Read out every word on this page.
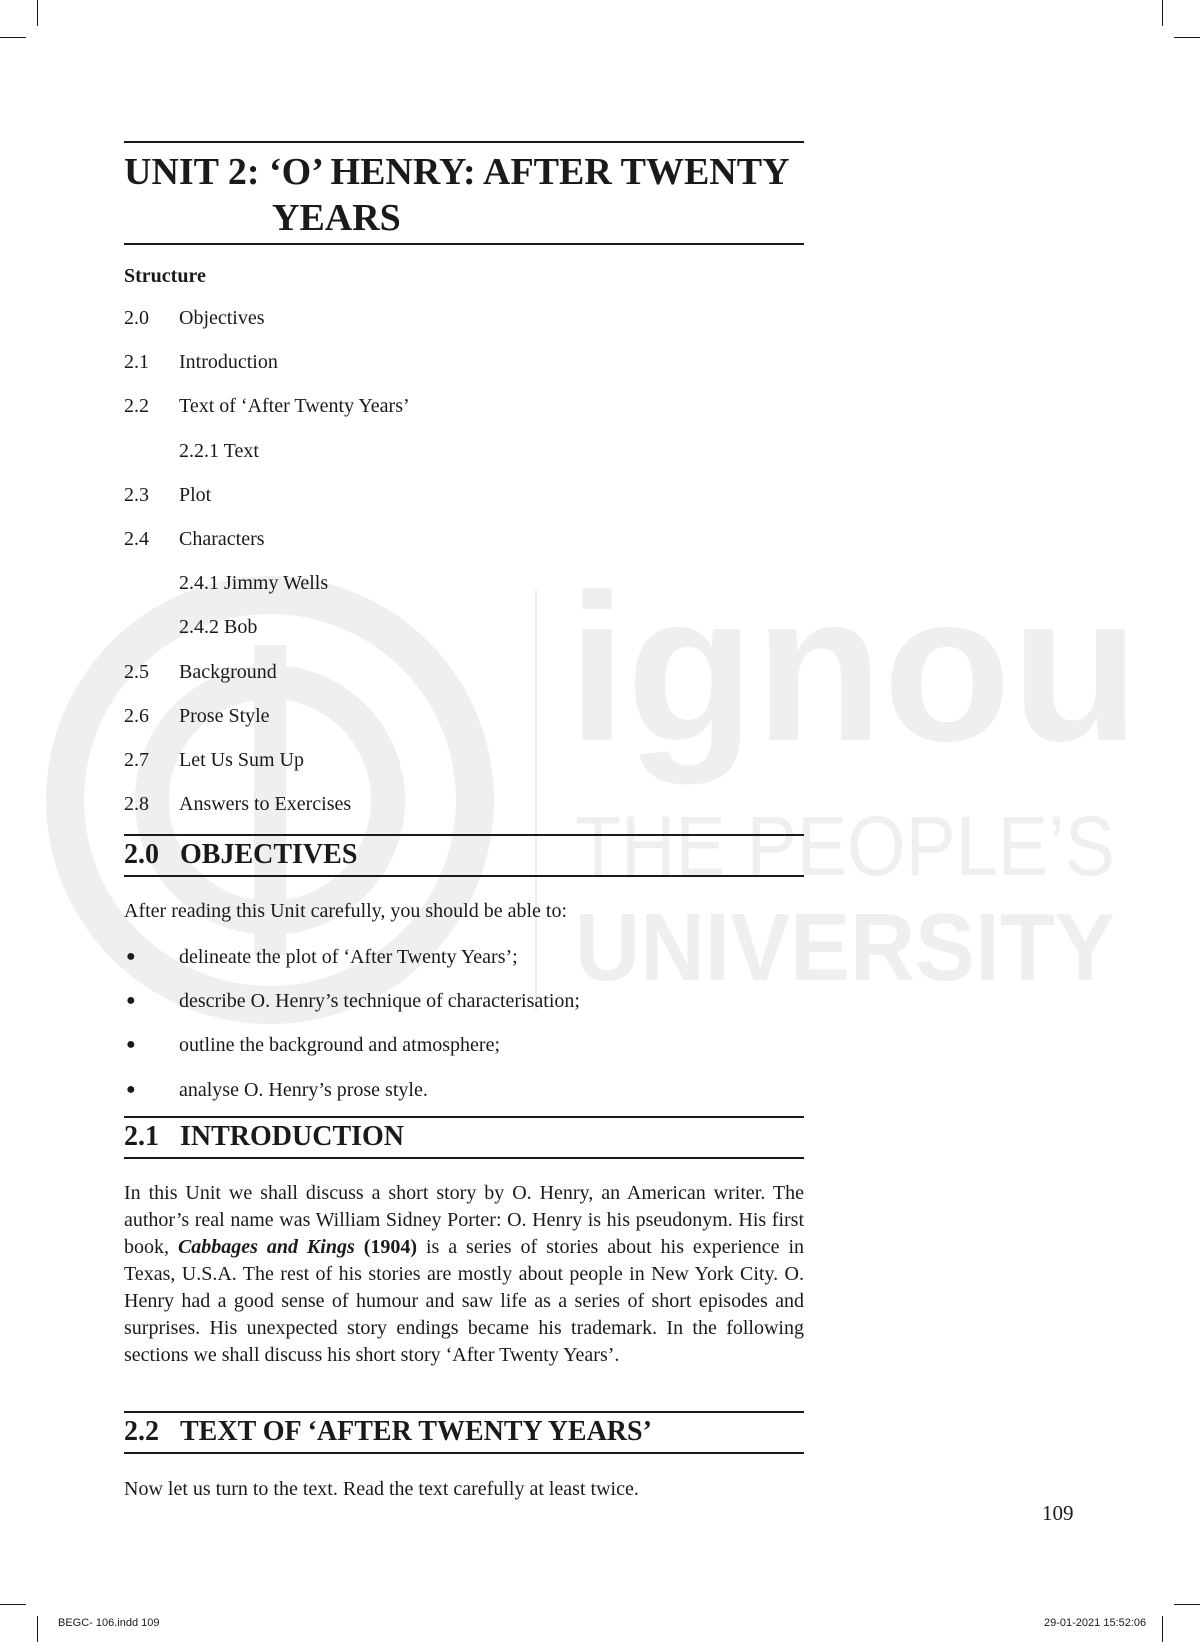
ignou
THE PEOPLE’S
UNIVERSITY
UNIT 2: ‘O’ HENRY: AFTER TWENTY
YEARS
Structure
2.0 Objectives
2.1 Introduction
2.2 Text of ‘After Twenty Years’
2.2.1 Text
2.3 Plot
2.4 Characters
2.4.1 Jimmy Wells
2.4.2 Bob
2.5 Background
2.6 Prose Style
2.7 Let Us Sum Up
2.8 Answers to Exercises
2.0 OBJECTIVES
After reading this Unit carefully, you should be able to:
● delineate the plot of ‘After Twenty Years’;
● describe O. Henry’s technique of characterisation;
● outline the background and atmosphere;
● analyse O. Henry’s prose style.
2.1 INTRODUCTION
In this Unit we shall discuss a short story by O. Henry, an American writer. The author’s real name was William Sidney Porter: O. Henry is his pseudonym. His first book, Cabbages and Kings (1904) is a series of stories about his experience in Texas, U.S.A. The rest of his stories are mostly about people in New York City. O. Henry had a good sense of humour and saw life as a series of short episodes and surprises. His unexpected story endings became his trademark. In the following sections we shall discuss his short story ‘After Twenty Years’.
2.2 TEXT OF ‘AFTER TWENTY YEARS’
Now let us turn to the text. Read the text carefully at least twice.
109
BEGC- 106.indd 109	29-01-2021 15:52:06
